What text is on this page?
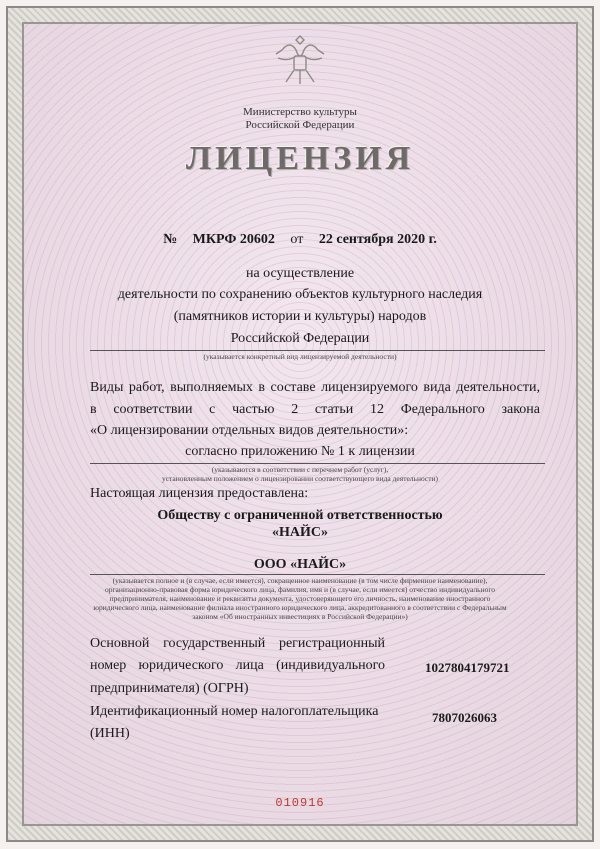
Министерство культуры
Российской Федерации
ЛИЦЕНЗИЯ
№ МКРФ 20602 от 22 сентября 2020 г.
на осуществление
деятельности по сохранению объектов культурного наследия
(памятников истории и культуры) народов
Российской Федерации
(указывается конкретный вид лицензируемой деятельности)
Виды работ, выполняемых в составе лицензируемого вида деятельности,
в соответствии с частью 2 статьи 12 Федерального закона
«О лицензировании отдельных видов деятельности»:
согласно приложению № 1 к лицензии
(указываются в соответствии с перечнем работ (услуг),
установленным положением о лицензировании соответствующего вида деятельности)
Настоящая лицензия предоставлена:
Обществу с ограниченной ответственностью
«НАЙС»
ООО «НАЙС»
(указывается полное и (в случае, если имеется), сокращенное наименование (в том числе фирменное наименование),
организационно-правовая форма юридического лица, фамилия, имя и (в случае, если имеется) отчество индивидуального
предпринимателя, наименование и реквизиты документа, удостоверяющего его личность, наименование иностранного
юридического лица, наименование филиала иностранного юридического лица, аккредитованного в соответствии с Федеральным
законом «Об иностранных инвестициях в Российской Федерации»)
Основной государственный регистрационный
номер юридического лица (индивидуального
предпринимателя) (ОГРН)
1027804179721
Идентификационный номер налогоплательщика
(ИНН)
7807026063
010916
